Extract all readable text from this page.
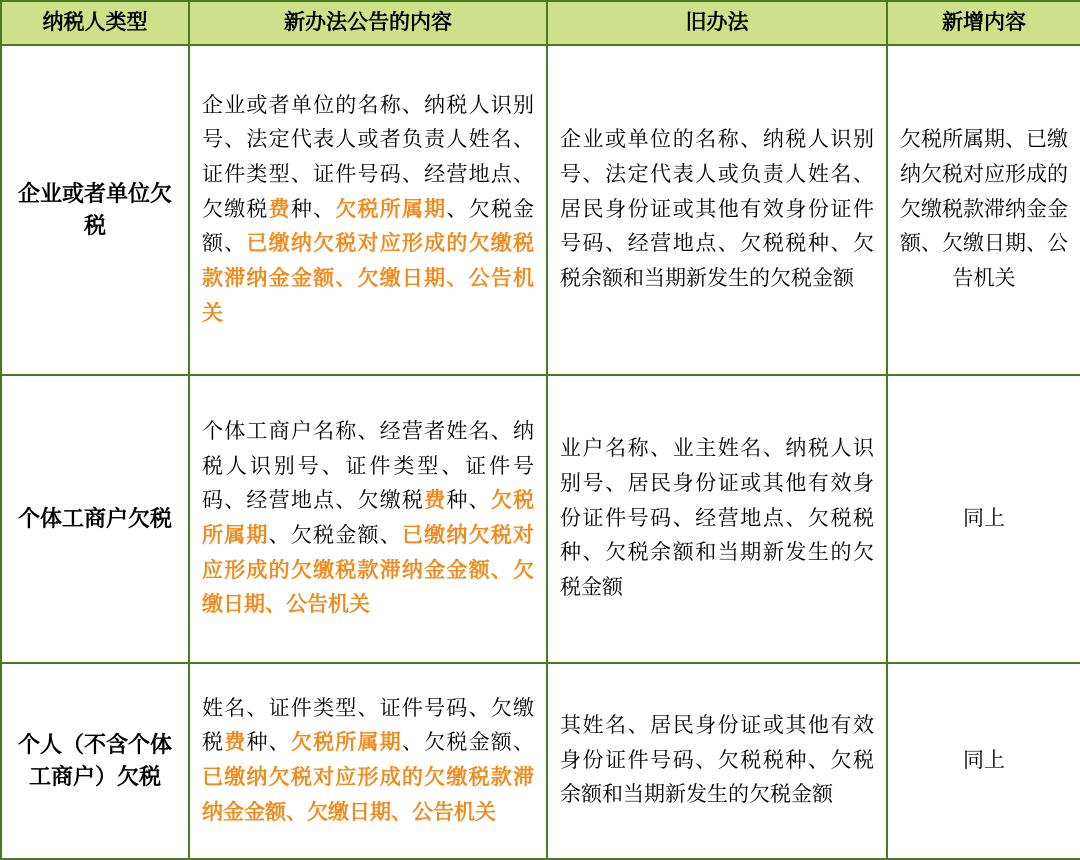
纳税人类型	新办法公告的内容	旧办法	新增内容
企业或者单位欠税	企业或者单位的名称、纳税人识别号、法定代表人或者负责人姓名、证件类型、证件号码、经营地点、欠缴税费种、欠税所属期、欠税金额、已缴纳欠税对应形成的欠缴税款滞纳金金额、欠缴日期、公告机关	企业或单位的名称、纳税人识别号、法定代表人或负责人姓名、居民身份证或其他有效身份证件号码、经营地点、欠税税种、欠税余额和当期新发生的欠税金额	欠税所属期、已缴纳欠税对应形成的欠缴税款滞纳金金额、欠缴日期、公告机关
个体工商户欠税	个体工商户名称、经营者姓名、纳税人识别号、证件类型、证件号码、经营地点、欠缴税费种、欠税所属期、欠税金额、已缴纳欠税对应形成的欠缴税款滞纳金金额、欠缴日期、公告机关	业户名称、业主姓名、纳税人识别号、居民身份证或其他有效身份证件号码、经营地点、欠税税种、欠税余额和当期新发生的欠税金额	同上
个人（不含个体工商户）欠税	姓名、证件类型、证件号码、欠缴税费种、欠税所属期、欠税金额、已缴纳欠税对应形成的欠缴税款滞纳金金额、欠缴日期、公告机关	其姓名、居民身份证或其他有效身份证件号码、欠税税种、欠税余额和当期新发生的欠税金额	同上
